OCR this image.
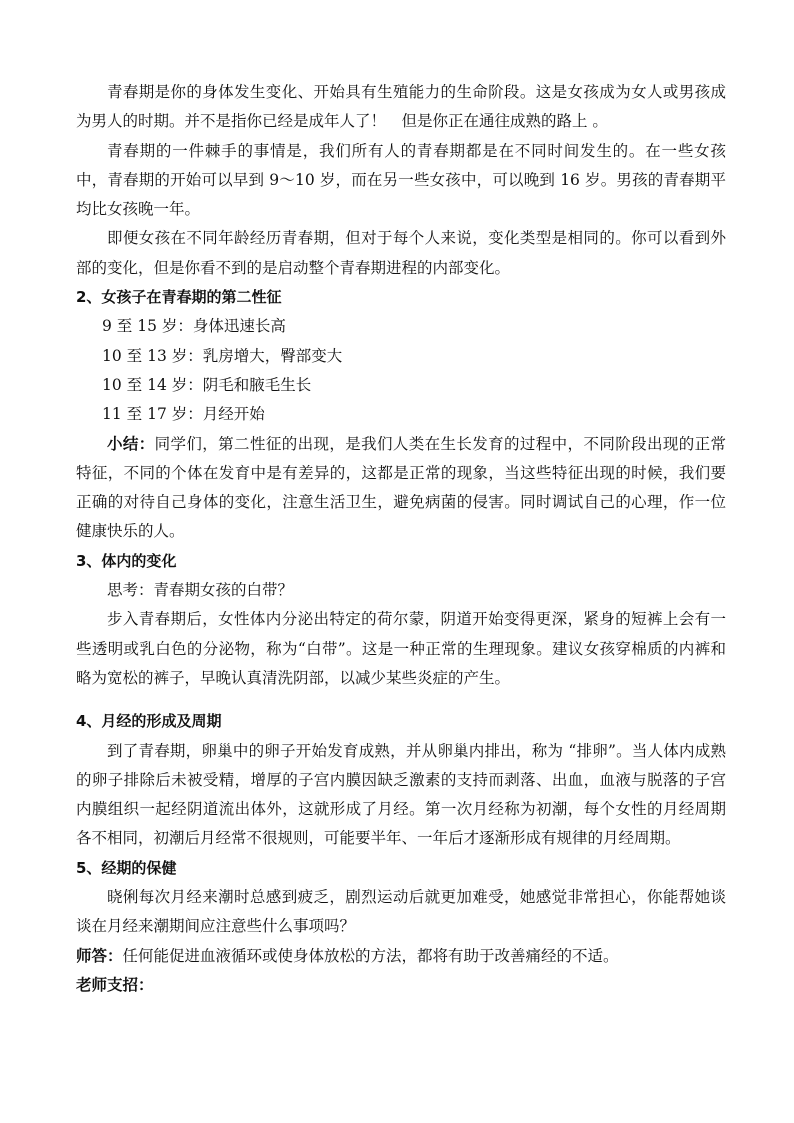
青春期是你的身体发生变化、开始具有生殖能力的生命阶段。这是女孩成为女人或男孩成为男人的时期。并不是指你已经是成年人了！　但是你正在通往成熟的路上 。

青春期的一件棘手的事情是，我们所有人的青春期都是在不同时间发生的。在一些女孩中，青春期的开始可以早到 9～10 岁，而在另一些女孩中，可以晚到 16 岁。男孩的青春期平均比女孩晚一年。

即便女孩在不同年龄经历青春期，但对于每个人来说，变化类型是相同的。你可以看到外部的变化，但是你看不到的是启动整个青春期进程的内部变化。

2、女孩子在青春期的第二性征

9 至 15 岁：身体迅速长高

10 至 13 岁：乳房增大，臀部变大

10 至 14 岁：阴毛和腋毛生长

11 至 17 岁：月经开始

小结：同学们，第二性征的出现，是我们人类在生长发育的过程中，不同阶段出现的正常特征，不同的个体在发育中是有差异的，这都是正常的现象，当这些特征出现的时候，我们要正确的对待自己身体的变化，注意生活卫生，避免病菌的侵害。同时调试自己的心理，作一位健康快乐的人。

3、体内的变化

思考：青春期女孩的白带？

步入青春期后，女性体内分泌出特定的荷尔蒙，阴道开始变得更深，紧身的短裤上会有一些透明或乳白色的分泌物，称为“白带”。这是一种正常的生理现象。建议女孩穿棉质的内裤和略为宽松的裤子，早晚认真清洗阴部，以减少某些炎症的产生。

4、月经的形成及周期

到了青春期，卵巢中的卵子开始发育成熟，并从卵巢内排出，称为 “排卵”。当人体内成熟的卵子排除后未被受精，增厚的子宫内膜因缺乏激素的支持而剥落、出血，血液与脱落的子宫内膜组织一起经阴道流出体外，这就形成了月经。第一次月经称为初潮，每个女性的月经周期各不相同，初潮后月经常不很规则，可能要半年、一年后才逐渐形成有规律的月经周期。

5、经期的保健

晓俐每次月经来潮时总感到疲乏，剧烈运动后就更加难受，她感觉非常担心，你能帮她谈谈在月经来潮期间应注意些什么事项吗？

师答：任何能促进血液循环或使身体放松的方法，都将有助于改善痛经的不适。

老师支招：
